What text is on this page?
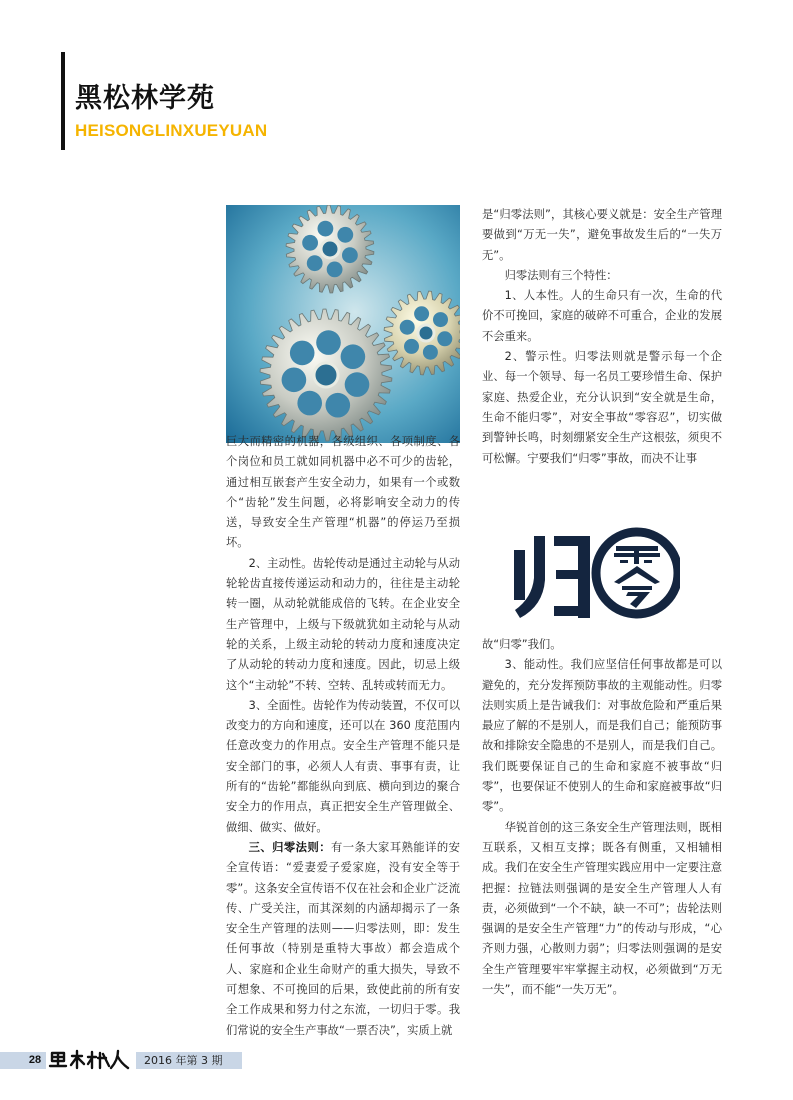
黑松林学苑
HEISONGLINXUEYUAN

巨大而精密的机器，各级组织、各项制度、各个岗位和员工就如同机器中必不可少的齿轮，通过相互嵌套产生安全动力，如果有一个或数个“齿轮”发生问题，必将影响安全动力的传送，导致安全生产管理“机器”的停运乃至损坏。

2、主动性。齿轮传动是通过主动轮与从动轮轮齿直接传递运动和动力的，往往是主动轮转一圈，从动轮就能成倍的飞转。在企业安全生产管理中，上级与下级就犹如主动轮与从动轮的关系，上级主动轮的转动力度和速度决定了从动轮的转动力度和速度。因此，切忌上级这个“主动轮”不转、空转、乱转或转而无力。

3、全面性。齿轮作为传动装置，不仅可以改变力的方向和速度，还可以在 360 度范围内任意改变力的作用点。安全生产管理不能只是安全部门的事，必须人人有责、事事有责，让所有的“齿轮”都能纵向到底、横向到边的聚合安全力的作用点，真正把安全生产管理做全、做细、做实、做好。

三、归零法则：有一条大家耳熟能详的安全宣传语：“爱妻爱子爱家庭，没有安全等于零”。这条安全宣传语不仅在社会和企业广泛流传、广受关注，而其深刻的内涵却揭示了一条安全生产管理的法则——归零法则，即：发生任何事故（特别是重特大事故）都会造成个人、家庭和企业生命财产的重大损失，导致不可想象、不可挽回的后果，致使此前的所有安全工作成果和努力付之东流，一切归于零。我们常说的安全生产事故“一票否决”，实质上就

是“归零法则”，其核心要义就是：安全生产管理要做到“万无一失”，避免事故发生后的“一失万无”。

归零法则有三个特性：

1、人本性。人的生命只有一次，生命的代价不可挽回，家庭的破碎不可重合，企业的发展不会重来。

2、警示性。归零法则就是警示每一个企业、每一个领导、每一名员工要珍惜生命、保护家庭、热爱企业，充分认识到“安全就是生命，生命不能归零”，对安全事故“零容忍”，切实做到警钟长鸣，时刻绷紧安全生产这根弦，须臾不可松懈。宁要我们“归零”事故，而决不让事

故“归零”我们。

3、能动性。我们应坚信任何事故都是可以避免的，充分发挥预防事故的主观能动性。归零法则实质上是告诫我们：对事故危险和严重后果最应了解的不是别人，而是我们自己；能预防事故和排除安全隐患的不是别人，而是我们自己。我们既要保证自己的生命和家庭不被事故“归零”，也要保证不使别人的生命和家庭被事故“归零”。

华锐首创的这三条安全生产管理法则，既相互联系，又相互支撑；既各有侧重，又相辅相成。我们在安全生产管理实践应用中一定要注意把握：拉链法则强调的是安全生产管理人人有责，必须做到“一个不缺，缺一不可”；齿轮法则强调的是安全生产管理“力”的传动与形成，“心齐则力强，心散则力弱”；归零法则强调的是安全生产管理要牢牢掌握主动权，必须做到“万无一失”，而不能“一失万无”。

28	2016 年第 3 期
